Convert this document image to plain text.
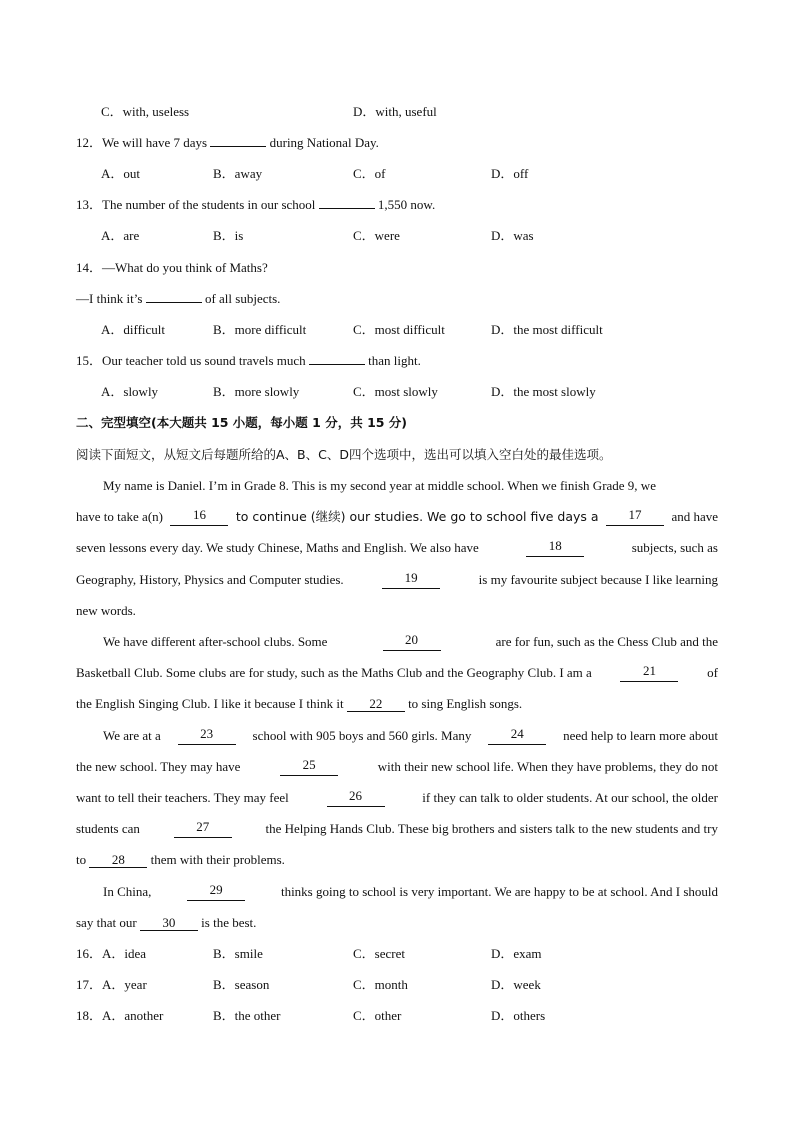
C．with, useless	D．with, useful
12．We will have 7 days	during National Day.
A．out	B．away	C．of	D．off
13．The number of the students in our school	1,550 now.
A．are	B．is	C．were	D．was
14．—What do you think of Maths?
—I think it’s	of all subjects.
A．difficult	B．more difficult	C．most difficult	D．the most difficult
15．Our teacher told us sound travels much	than light.
A．slowly	B．more slowly	C．most slowly	D．the most slowly
二、完型填空(本大题共 15 小题，每小题 1 分，共 15 分)
阅读下面短文，从短文后每题所给的A、B、C、D四个选项中，选出可以填入空白处的最佳选项。
My name is Daniel. I’m in Grade 8. This is my second year at middle school. When we finish Grade 9, we
have to take a(n)	16	to continue (继续) our studies. We go to school five days a	17	and have
seven lessons every day. We study Chinese, Maths and English. We also have	18	subjects, such as
Geography, History, Physics and Computer studies.	19	is my favourite subject because I like learning
new words.
We have different after-school clubs. Some	20	are for fun, such as the Chess Club and the
Basketball Club. Some clubs are for study, such as the Maths Club and the Geography Club. I am a	21	of
the English Singing Club. I like it because I think it 22 to sing English songs.
We are at a	23	school with 905 boys and 560 girls. Many	24	need help to learn more about
the new school. They may have	25	with their new school life. When they have problems, they do not
want to tell their teachers. They may feel	26	if they can talk to older students. At our school, the older
students can	27	the Helping Hands Club. These big brothers and sisters talk to the new students and try
to 28 them with their problems.
In China,	29	thinks going to school is very important. We are happy to be at school. And I should
say that our 30 is the best.
16．A．idea	B．smile	C．secret	D．exam
17．A．year	B．season	C．month	D．week
18．A．another	B．the other	C．other	D．others
